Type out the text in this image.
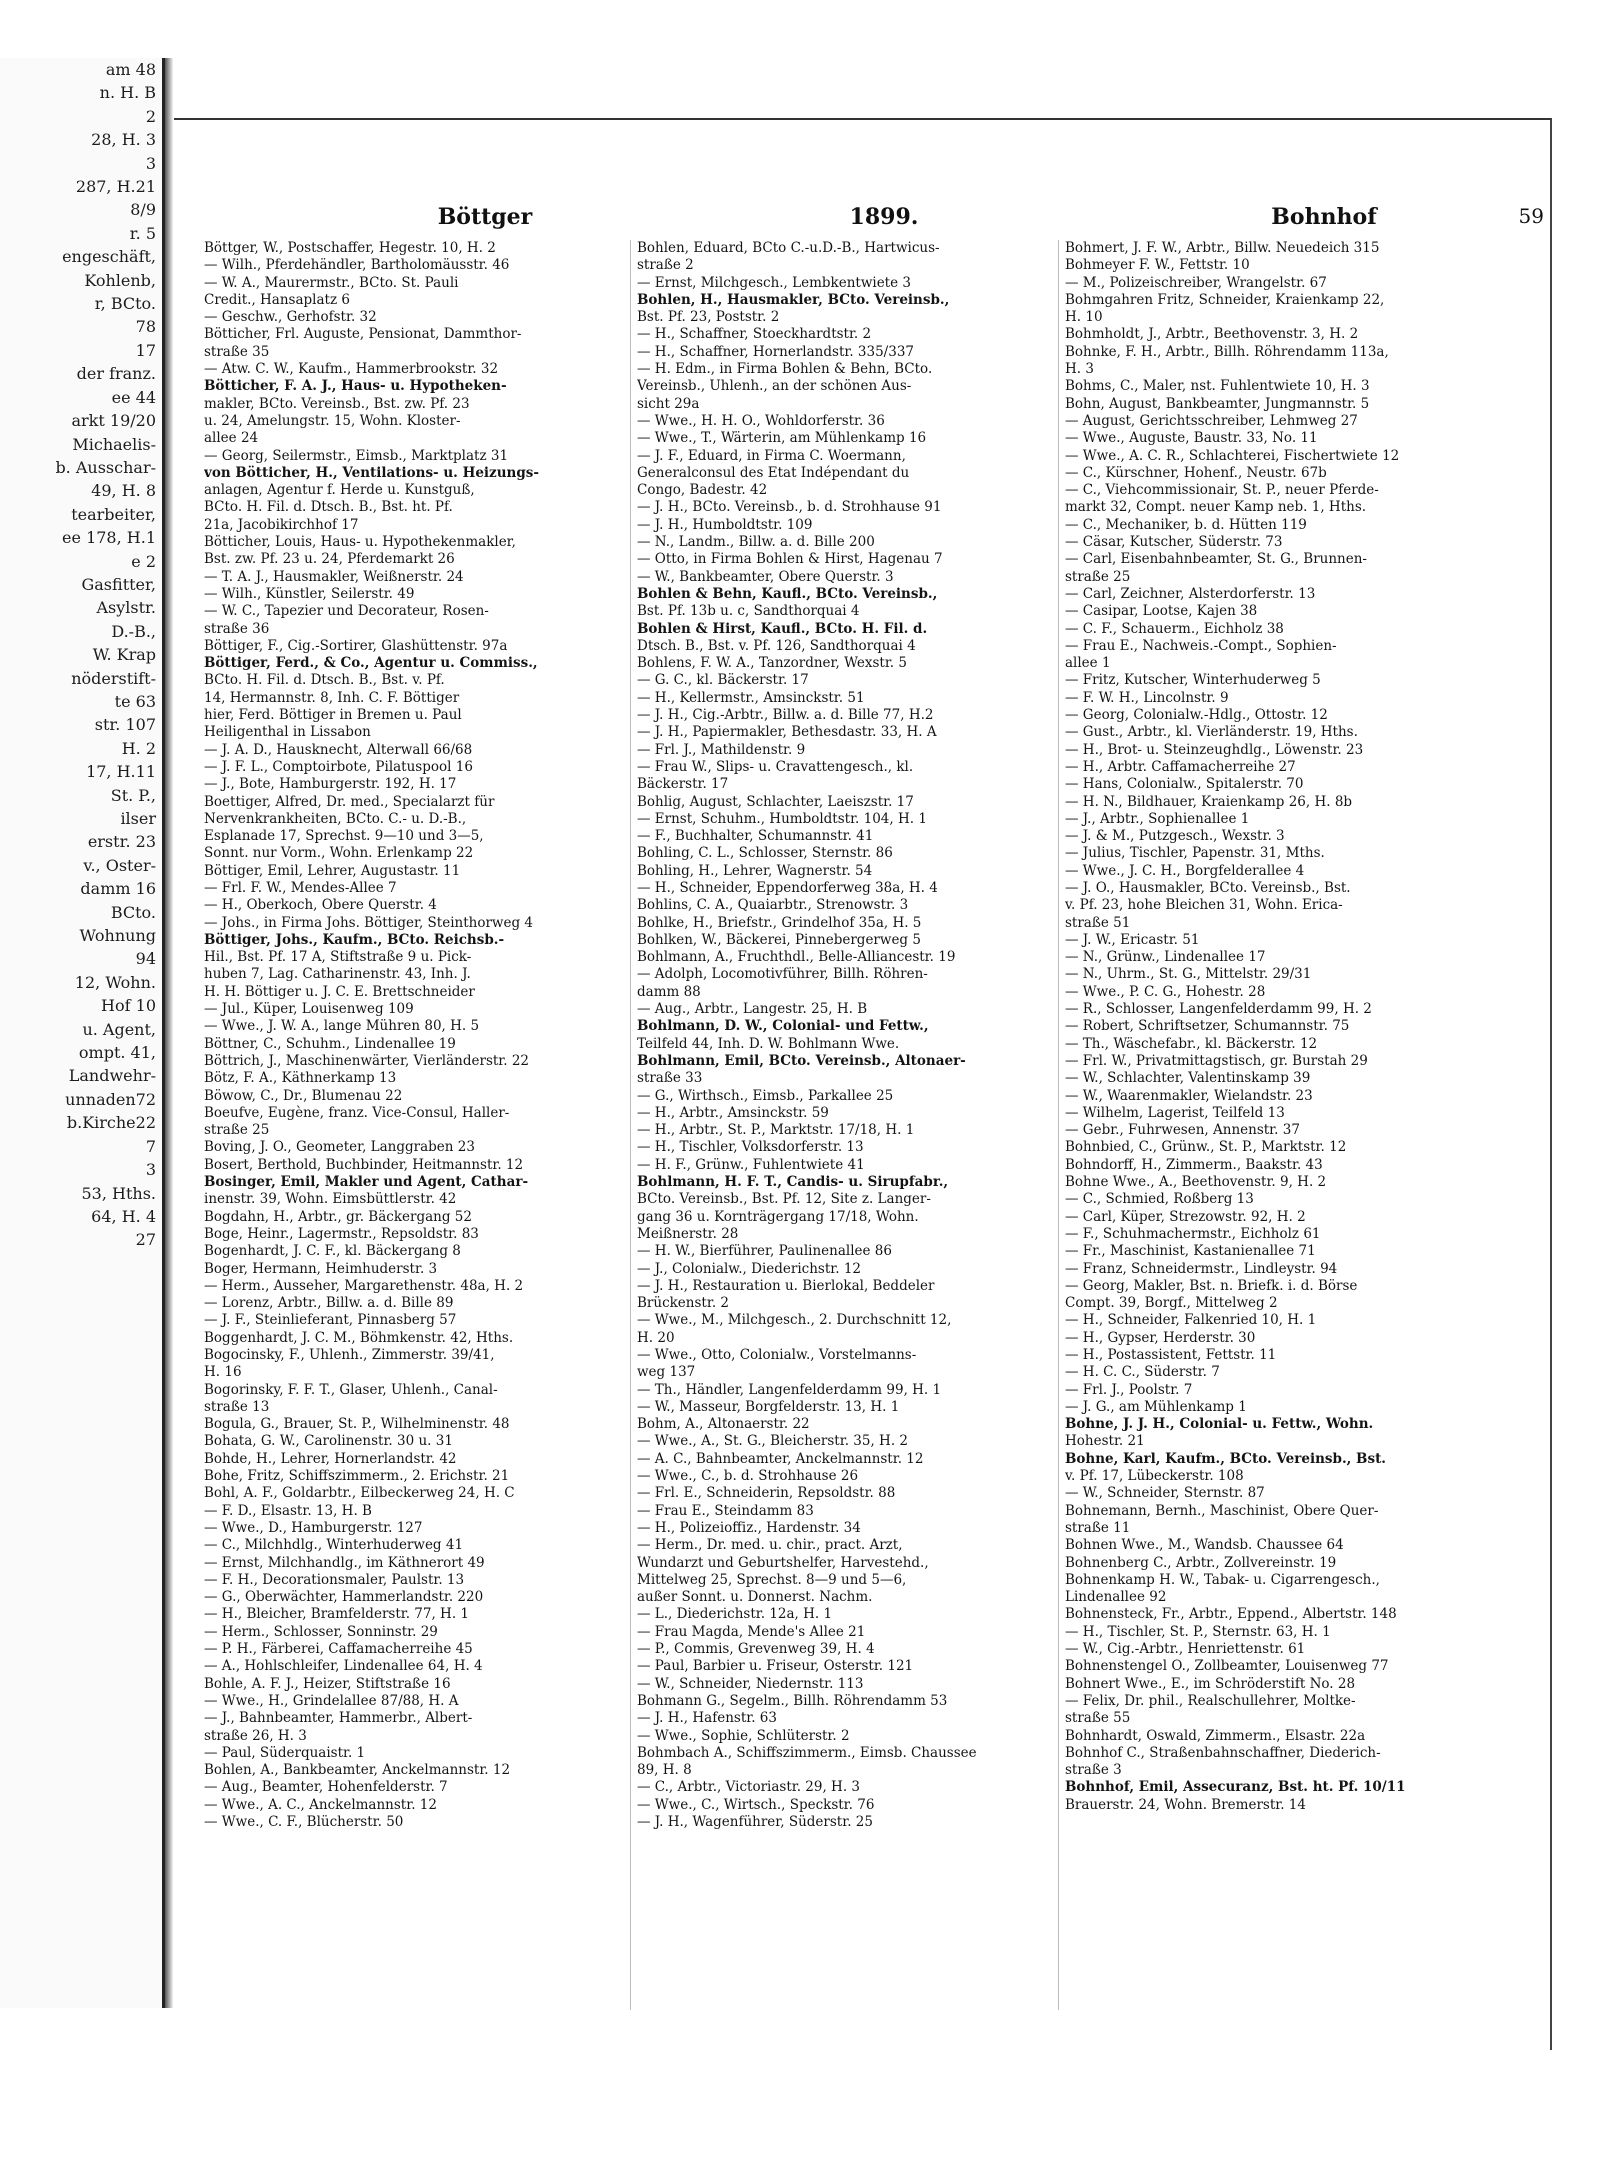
am 48
n. H. B
2
28, H. 3
3
287, H.21
8/9
r. 5
engeschäft,
Kohlenb,
r, BCto.
78
17
der franz.
ee 44
arkt 19/20
Michaelis-
b. Ausschar-
49, H. 8
tearbeiter,
ee 178, H.1
e 2
Gasfitter,
Asylstr.
D.-B.,
W. Krap
nöderstift-
te 63
str. 107
H. 2
17, H.11
St. P.,
ilser
erstr. 23
v., Oster-
damm 16
BCto.
Wohnung
94
12, Wohn.
Hof 10
u. Agent,
ompt. 41,
Landwehr-
unnaden72
b.Kirche22
7
3
53, Hths.
64, H. 4
27
Böttger	1899.	Bohnhof	59
Böttger, W., Postschaffer, Hegestr. 10, H. 2
— Wilh., Pferdehändler, Bartholomäusstr. 46
— W. A., Maurermstr., BCto. St. Pauli
Credit., Hansaplatz 6
— Geschw., Gerhofstr. 32
Bötticher, Frl. Auguste, Pensionat, Dammthor-
straße 35
— Atw. C. W., Kaufm., Hammerbrookstr. 32
Bötticher, F. A. J., Haus- u. Hypotheken-
makler, BCto. Vereinsb., Bst. zw. Pf. 23
u. 24, Amelungstr. 15, Wohn. Kloster-
allee 24
— Georg, Seilermstr., Eimsb., Marktplatz 31
von Bötticher, H., Ventilations- u. Heizungs-
anlagen, Agentur f. Herde u. Kunstguß,
BCto. H. Fil. d. Dtsch. B., Bst. ht. Pf.
21a, Jacobikirchhof 17
Bötticher, Louis, Haus- u. Hypothekenmakler,
Bst. zw. Pf. 23 u. 24, Pferdemarkt 26
— T. A. J., Hausmakler, Weißnerstr. 24
— Wilh., Künstler, Seilerstr. 49
— W. C., Tapezier und Decorateur, Rosen-
straße 36
Böttiger, F., Cig.-Sortirer, Glashüttenstr. 97a
Böttiger, Ferd., & Co., Agentur u. Commiss.,
BCto. H. Fil. d. Dtsch. B., Bst. v. Pf.
14, Hermannstr. 8, Inh. C. F. Böttiger
hier, Ferd. Böttiger in Bremen u. Paul
Heiligenthal in Lissabon
— J. A. D., Hausknecht, Alterwall 66/68
— J. F. L., Comptoirbote, Pilatuspool 16
— J., Bote, Hamburgerstr. 192, H. 17
Boettiger, Alfred, Dr. med., Specialarzt für
Nervenkrankheiten, BCto. C.- u. D.-B.,
Esplanade 17, Sprechst. 9—10 und 3—5,
Sonnt. nur Vorm., Wohn. Erlenkamp 22
Böttiger, Emil, Lehrer, Augustastr. 11
— Frl. F. W., Mendes-Allee 7
— H., Oberkoch, Obere Querstr. 4
— Johs., in Firma Johs. Böttiger, Steinthorweg 4
Böttiger, Johs., Kaufm., BCto. Reichsb.-
Hil., Bst. Pf. 17 A, Stiftstraße 9 u. Pick-
huben 7, Lag. Catharinenstr. 43, Inh. J.
H. H. Böttiger u. J. C. E. Brettschneider
— Jul., Küper, Louisenweg 109
— Wwe., J. W. A., lange Mühren 80, H. 5
Böttner, C., Schuhm., Lindenallee 19
Böttrich, J., Maschinenwärter, Vierländerstr. 22
Bötz, F. A., Käthnerkamp 13
Böwow, C., Dr., Blumenau 22
Boeufve, Eugène, franz. Vice-Consul, Haller-
straße 25
Boving, J. O., Geometer, Langgraben 23
Bosert, Berthold, Buchbinder, Heitmannstr. 12
Bosinger, Emil, Makler und Agent, Cathar-
inenstr. 39, Wohn. Eimsbüttlerstr. 42
Bogdahn, H., Arbtr., gr. Bäckergang 52
Boge, Heinr., Lagermstr., Repsoldstr. 83
Bogenhardt, J. C. F., kl. Bäckergang 8
Boger, Hermann, Heimhuderstr. 3
— Herm., Ausseher, Margarethenstr. 48a, H. 2
— Lorenz, Arbtr., Billw. a. d. Bille 89
— J. F., Steinlieferant, Pinnasberg 57
Boggenhardt, J. C. M., Böhmkenstr. 42, Hths.
Bogocinsky, F., Uhlenh., Zimmerstr. 39/41,
H. 16
Bogorinsky, F. F. T., Glaser, Uhlenh., Canal-
straße 13
Bogula, G., Brauer, St. P., Wilhelminenstr. 48
Bohata, G. W., Carolinenstr. 30 u. 31
Bohde, H., Lehrer, Hornerlandstr. 42
Bohe, Fritz, Schiffszimmerm., 2. Erichstr. 21
Bohl, A. F., Goldarbtr., Eilbeckerweg 24, H. C
— F. D., Elsastr. 13, H. B
— Wwe., D., Hamburgerstr. 127
— C., Milchhdlg., Winterhuderweg 41
— Ernst, Milchhandlg., im Käthnerort 49
— F. H., Decorationsmaler, Paulstr. 13
— G., Oberwächter, Hammerlandstr. 220
— H., Bleicher, Bramfelderstr. 77, H. 1
— Herm., Schlosser, Sonninstr. 29
— P. H., Färberei, Caffamacherreihe 45
— A., Hohlschleifer, Lindenallee 64, H. 4
Bohle, A. F. J., Heizer, Stiftstraße 16
— Wwe., H., Grindelallee 87/88, H. A
— J., Bahnbeamter, Hammerbr., Albert-
straße 26, H. 3
— Paul, Süderquaistr. 1
Bohlen, A., Bankbeamter, Anckelmannstr. 12
— Aug., Beamter, Hohenfelderstr. 7
— Wwe., A. C., Anckelmannstr. 12
— Wwe., C. F., Blücherstr. 50
Bohlen, Eduard, BCto C.-u.D.-B., Hartwicus-
straße 2
— Ernst, Milchgesch., Lembkentwiete 3
Bohlen, H., Hausmakler, BCto. Vereinsb.,
Bst. Pf. 23, Poststr. 2
— H., Schaffner, Stoeckhardtstr. 2
— H., Schaffner, Hornerlandstr. 335/337
— H. Edm., in Firma Bohlen & Behn, BCto.
Vereinsb., Uhlenh., an der schönen Aus-
sicht 29a
— Wwe., H. H. O., Wohldorferstr. 36
— Wwe., T., Wärterin, am Mühlenkamp 16
— J. F., Eduard, in Firma C. Woermann,
Generalconsul des Etat Indépendant du
Congo, Badestr. 42
— J. H., BCto. Vereinsb., b. d. Strohhause 91
— J. H., Humboldtstr. 109
— N., Landm., Billw. a. d. Bille 200
— Otto, in Firma Bohlen & Hirst, Hagenau 7
— W., Bankbeamter, Obere Querstr. 3
Bohlen & Behn, Kaufl., BCto. Vereinsb.,
Bst. Pf. 13b u. c, Sandthorquai 4
Bohlen & Hirst, Kaufl., BCto. H. Fil. d.
Dtsch. B., Bst. v. Pf. 126, Sandthorquai 4
Bohlens, F. W. A., Tanzordner, Wexstr. 5
— G. C., kl. Bäckerstr. 17
— H., Kellermstr., Amsinckstr. 51
— J. H., Cig.-Arbtr., Billw. a. d. Bille 77, H.2
— J. H., Papiermakler, Bethesdastr. 33, H. A
— Frl. J., Mathildenstr. 9
— Frau W., Slips- u. Cravattengesch., kl.
Bäckerstr. 17
Bohlig, August, Schlachter, Laeiszstr. 17
— Ernst, Schuhm., Humboldtstr. 104, H. 1
— F., Buchhalter, Schumannstr. 41
Bohling, C. L., Schlosser, Sternstr. 86
Bohling, H., Lehrer, Wagnerstr. 54
— H., Schneider, Eppendorferweg 38a, H. 4
Bohlins, C. A., Quaiarbtr., Strenowstr. 3
Bohlke, H., Briefstr., Grindelhof 35a, H. 5
Bohlken, W., Bäckerei, Pinnebergerweg 5
Bohlmann, A., Fruchthdl., Belle-Alliancestr. 19
— Adolph, Locomotivführer, Billh. Röhren-
damm 88
— Aug., Arbtr., Langestr. 25, H. B
Bohlmann, D. W., Colonial- und Fettw.,
Teilfeld 44, Inh. D. W. Bohlmann Wwe.
Bohlmann, Emil, BCto. Vereinsb., Altonaer-
straße 33
— G., Wirthsch., Eimsb., Parkallee 25
— H., Arbtr., Amsinckstr. 59
— H., Arbtr., St. P., Marktstr. 17/18, H. 1
— H., Tischler, Volksdorferstr. 13
— H. F., Grünw., Fuhlentwiete 41
Bohlmann, H. F. T., Candis- u. Sirupfabr.,
BCto. Vereinsb., Bst. Pf. 12, Site z. Langer-
gang 36 u. Kornträgergang 17/18, Wohn.
Meißnerstr. 28
— H. W., Bierführer, Paulinenallee 86
— J., Colonialw., Diederichstr. 12
— J. H., Restauration u. Bierlokal, Beddeler
Brückenstr. 2
— Wwe., M., Milchgesch., 2. Durchschnitt 12,
H. 20
— Wwe., Otto, Colonialw., Vorstelmanns-
weg 137
— Th., Händler, Langenfelderdamm 99, H. 1
— W., Masseur, Borgfelderstr. 13, H. 1
Bohm, A., Altonaerstr. 22
— Wwe., A., St. G., Bleicherstr. 35, H. 2
— A. C., Bahnbeamter, Anckelmannstr. 12
— Wwe., C., b. d. Strohhause 26
— Frl. E., Schneiderin, Repsoldstr. 88
— Frau E., Steindamm 83
— H., Polizeioffiz., Hardenstr. 34
— Herm., Dr. med. u. chir., pract. Arzt,
Wundarzt und Geburtshelfer, Harvestehd.,
Mittelweg 25, Sprechst. 8—9 und 5—6,
außer Sonnt. u. Donnerst. Nachm.
— L., Diederichstr. 12a, H. 1
— Frau Magda, Mende's Allee 21
— P., Commis, Grevenweg 39, H. 4
— Paul, Barbier u. Friseur, Osterstr. 121
— W., Schneider, Niedernstr. 113
Bohmann G., Segelm., Billh. Röhrendamm 53
— J. H., Hafenstr. 63
— Wwe., Sophie, Schlüterstr. 2
Bohmbach A., Schiffszimmerm., Eimsb. Chaussee
89, H. 8
— C., Arbtr., Victoriastr. 29, H. 3
— Wwe., C., Wirtsch., Speckstr. 76
— J. H., Wagenführer, Süderstr. 25
Bohmert, J. F. W., Arbtr., Billw. Neuedeich 315
Bohmeyer F. W., Fettstr. 10
— M., Polizeischreiber, Wrangelstr. 67
Bohmgahren Fritz, Schneider, Kraienkamp 22,
H. 10
Bohmholdt, J., Arbtr., Beethovenstr. 3, H. 2
Bohnke, F. H., Arbtr., Billh. Röhrendamm 113a,
H. 3
Bohms, C., Maler, nst. Fuhlentwiete 10, H. 3
Bohn, August, Bankbeamter, Jungmannstr. 5
— August, Gerichtsschreiber, Lehmweg 27
— Wwe., Auguste, Baustr. 33, No. 11
— Wwe., A. C. R., Schlachterei, Fischertwiete 12
— C., Kürschner, Hohenf., Neustr. 67b
— C., Viehcommissionair, St. P., neuer Pferde-
markt 32, Compt. neuer Kamp neb. 1, Hths.
— C., Mechaniker, b. d. Hütten 119
— Cäsar, Kutscher, Süderstr. 73
— Carl, Eisenbahnbeamter, St. G., Brunnen-
straße 25
— Carl, Zeichner, Alsterdorferstr. 13
— Casipar, Lootse, Kajen 38
— C. F., Schauerm., Eichholz 38
— Frau E., Nachweis.-Compt., Sophien-
allee 1
— Fritz, Kutscher, Winterhuderweg 5
— F. W. H., Lincolnstr. 9
— Georg, Colonialw.-Hdlg., Ottostr. 12
— Gust., Arbtr., kl. Vierländerstr. 19, Hths.
— H., Brot- u. Steinzeughdlg., Löwenstr. 23
— H., Arbtr. Caffamacherreihe 27
— Hans, Colonialw., Spitalerstr. 70
— H. N., Bildhauer, Kraienkamp 26, H. 8b
— J., Arbtr., Sophienallee 1
— J. & M., Putzgesch., Wexstr. 3
— Julius, Tischler, Papenstr. 31, Mths.
— Wwe., J. C. H., Borgfelderallee 4
— J. O., Hausmakler, BCto. Vereinsb., Bst.
v. Pf. 23, hohe Bleichen 31, Wohn. Erica-
straße 51
— J. W., Ericastr. 51
— N., Grünw., Lindenallee 17
— N., Uhrm., St. G., Mittelstr. 29/31
— Wwe., P. C. G., Hohestr. 28
— R., Schlosser, Langenfelderdamm 99, H. 2
— Robert, Schriftsetzer, Schumannstr. 75
— Th., Wäschefabr., kl. Bäckerstr. 12
— Frl. W., Privatmittagstisch, gr. Burstah 29
— W., Schlachter, Valentinskamp 39
— W., Waarenmakler, Wielandstr. 23
— Wilhelm, Lagerist, Teilfeld 13
— Gebr., Fuhrwesen, Annenstr. 37
Bohnbied, C., Grünw., St. P., Marktstr. 12
Bohndorff, H., Zimmerm., Baakstr. 43
Bohne Wwe., A., Beethovenstr. 9, H. 2
— C., Schmied, Roßberg 13
— Carl, Küper, Strezowstr. 92, H. 2
— F., Schuhmachermstr., Eichholz 61
— Fr., Maschinist, Kastanienallee 71
— Franz, Schneidermstr., Lindleystr. 94
— Georg, Makler, Bst. n. Briefk. i. d. Börse
Compt. 39, Borgf., Mittelweg 2
— H., Schneider, Falkenried 10, H. 1
— H., Gypser, Herderstr. 30
— H., Postassistent, Fettstr. 11
— H. C. C., Süderstr. 7
— Frl. J., Poolstr. 7
— J. G., am Mühlenkamp 1
Bohne, J. J. H., Colonial- u. Fettw., Wohn.
Hohestr. 21
Bohne, Karl, Kaufm., BCto. Vereinsb., Bst.
v. Pf. 17, Lübeckerstr. 108
— W., Schneider, Sternstr. 87
Bohnemann, Bernh., Maschinist, Obere Quer-
straße 11
Bohnen Wwe., M., Wandsb. Chaussee 64
Bohnenberg C., Arbtr., Zollvereinstr. 19
Bohnenkamp H. W., Tabak- u. Cigarrengesch.,
Lindenallee 92
Bohnensteck, Fr., Arbtr., Eppend., Albertstr. 148
— H., Tischler, St. P., Sternstr. 63, H. 1
— W., Cig.-Arbtr., Henriettenstr. 61
Bohnenstengel O., Zollbeamter, Louisenweg 77
Bohnert Wwe., E., im Schröderstift No. 28
— Felix, Dr. phil., Realschullehrer, Moltke-
straße 55
Bohnhardt, Oswald, Zimmerm., Elsastr. 22a
Bohnhof C., Straßenbahnschaffner, Diederich-
straße 3
Bohnhof, Emil, Assecuranz, Bst. ht. Pf. 10/11
Brauerstr. 24, Wohn. Bremerstr. 14
